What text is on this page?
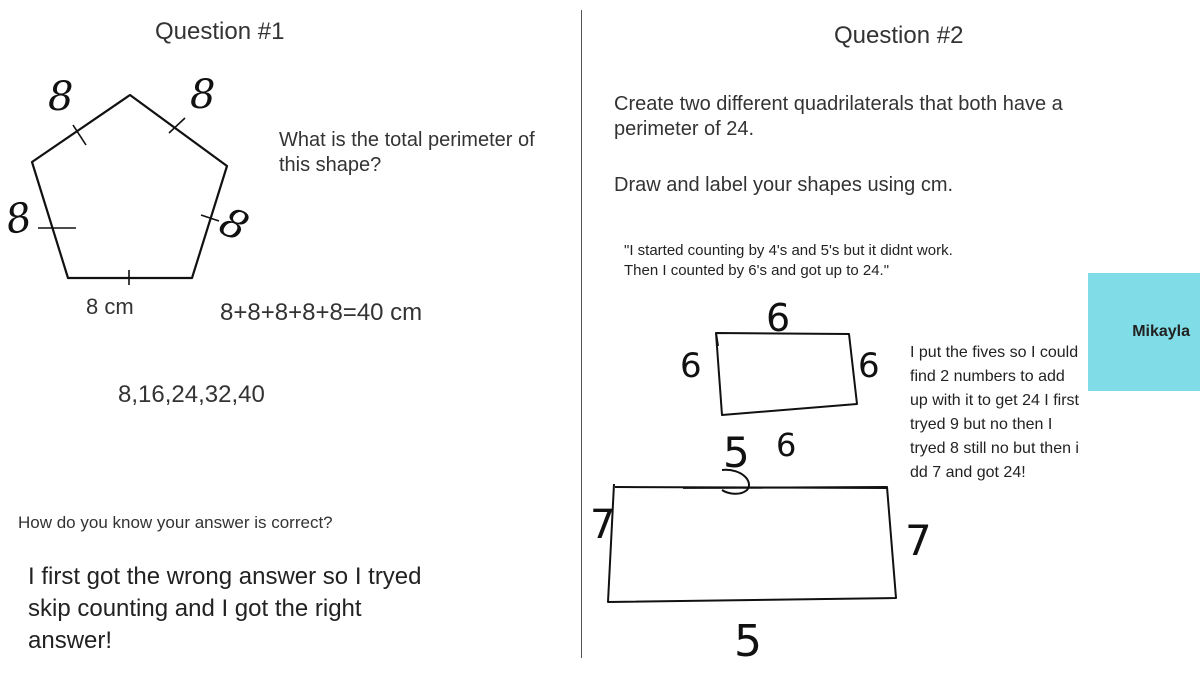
Question #1
8	8
8
8
8 cm
What is the total perimeter of this shape?
8+8+8+8+8=40 cm
8,16,24,32,40
How do you know your answer is correct?
I first got the wrong answer so I tryed skip counting and I got the right answer!
Question #2
Create two different quadrilaterals that both have a perimeter of 24.
Draw and label your shapes using cm.
"I started counting by 4's and 5's but it didnt work. Then I counted by 6's and got up to 24."
I put the fives so I could find 2 numbers to add up with it to get 24 I first tryed 9 but no then I tryed 8 still no but then i dd 7 and got 24!
6
6	6
6
5
7	7
5
Mikayla
